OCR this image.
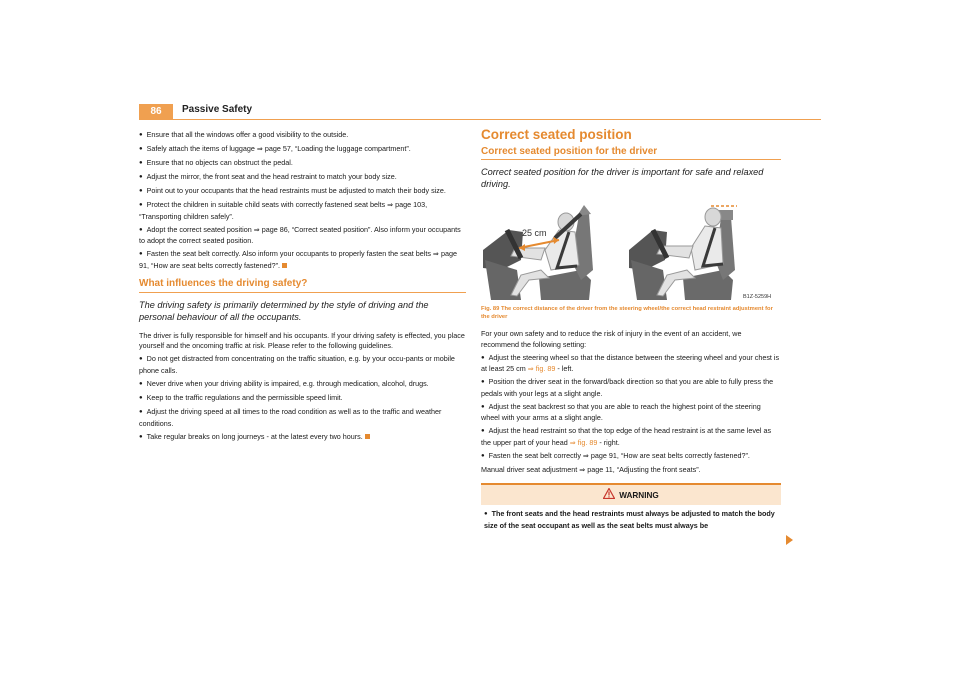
86	Passive Safety
● Ensure that all the windows offer a good visibility to the outside.
● Safely attach the items of luggage ⇒ page 57, “Loading the luggage compartment”.
● Ensure that no objects can obstruct the pedal.
● Adjust the mirror, the front seat and the head restraint to match your body size.
● Point out to your occupants that the head restraints must be adjusted to match their body size.
● Protect the children in suitable child seats with correctly fastened seat belts ⇒ page 103, “Transporting children safely”.
● Adopt the correct seated position ⇒ page 86, “Correct seated position”. Also inform your occupants to adopt the correct seated position.
● Fasten the seat belt correctly. Also inform your occupants to properly fasten the seat belts ⇒ page 91, “How are seat belts correctly fastened?”.
What influences the driving safety?
The driving safety is primarily determined by the style of driving and the personal behaviour of all the occupants.
The driver is fully responsible for himself and his occupants. If your driving safety is effected, you place yourself and the oncoming traffic at risk. Please refer to the following guidelines.
● Do not get distracted from concentrating on the traffic situation, e.g. by your occu-pants or mobile phone calls.
● Never drive when your driving ability is impaired, e.g. through medication, alcohol, drugs.
● Keep to the traffic regulations and the permissible speed limit.
● Adjust the driving speed at all times to the road condition as well as to the traffic and weather conditions.
● Take regular breaks on long journeys - at the latest every two hours.
Correct seated position
Correct seated position for the driver
Correct seated position for the driver is important for safe and relaxed driving.
25 cm
B1Z-5259H
Fig. 89 The correct distance of the driver from the steering wheel/the correct head restraint adjustment for the driver
For your own safety and to reduce the risk of injury in the event of an accident, we recommend the following setting:
● Adjust the steering wheel so that the distance between the steering wheel and your chest is at least 25 cm ⇒ fig. 89 - left.
● Position the driver seat in the forward/back direction so that you are able to fully press the pedals with your legs at a slight angle.
● Adjust the seat backrest so that you are able to reach the highest point of the steering wheel with your arms at a slight angle.
● Adjust the head restraint so that the top edge of the head restraint is at the same level as the upper part of your head ⇒ fig. 89 - right.
● Fasten the seat belt correctly ⇒ page 91, “How are seat belts correctly fastened?”.
Manual driver seat adjustment ⇒ page 11, “Adjusting the front seats”.
WARNING
● The front seats and the head restraints must always be adjusted to match the body size of the seat occupant as well as the seat belts must always be
